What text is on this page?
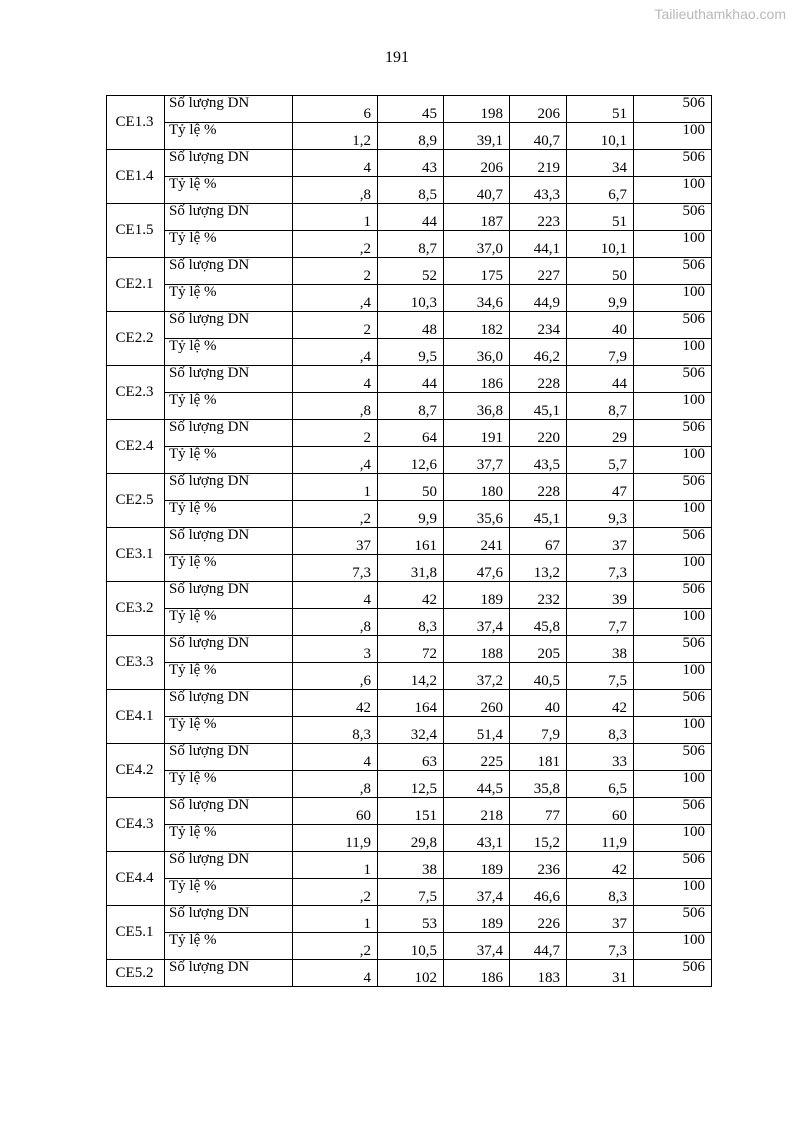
Tailieuthamkhao.com
191
CE1.3	Số lượng DN	6	45	198	206	51	506
	Tỷ lệ %	1,2	8,9	39,1	40,7	10,1	100
CE1.4	Số lượng DN	4	43	206	219	34	506
	Tỷ lệ %	,8	8,5	40,7	43,3	6,7	100
CE1.5	Số lượng DN	1	44	187	223	51	506
	Tỷ lệ %	,2	8,7	37,0	44,1	10,1	100
CE2.1	Số lượng DN	2	52	175	227	50	506
	Tỷ lệ %	,4	10,3	34,6	44,9	9,9	100
CE2.2	Số lượng DN	2	48	182	234	40	506
	Tỷ lệ %	,4	9,5	36,0	46,2	7,9	100
CE2.3	Số lượng DN	4	44	186	228	44	506
	Tỷ lệ %	,8	8,7	36,8	45,1	8,7	100
CE2.4	Số lượng DN	2	64	191	220	29	506
	Tỷ lệ %	,4	12,6	37,7	43,5	5,7	100
CE2.5	Số lượng DN	1	50	180	228	47	506
	Tỷ lệ %	,2	9,9	35,6	45,1	9,3	100
CE3.1	Số lượng DN	37	161	241	67	37	506
	Tỷ lệ %	7,3	31,8	47,6	13,2	7,3	100
CE3.2	Số lượng DN	4	42	189	232	39	506
	Tỷ lệ %	,8	8,3	37,4	45,8	7,7	100
CE3.3	Số lượng DN	3	72	188	205	38	506
	Tỷ lệ %	,6	14,2	37,2	40,5	7,5	100
CE4.1	Số lượng DN	42	164	260	40	42	506
	Tỷ lệ %	8,3	32,4	51,4	7,9	8,3	100
CE4.2	Số lượng DN	4	63	225	181	33	506
	Tỷ lệ %	,8	12,5	44,5	35,8	6,5	100
CE4.3	Số lượng DN	60	151	218	77	60	506
	Tỷ lệ %	11,9	29,8	43,1	15,2	11,9	100
CE4.4	Số lượng DN	1	38	189	236	42	506
	Tỷ lệ %	,2	7,5	37,4	46,6	8,3	100
CE5.1	Số lượng DN	1	53	189	226	37	506
	Tỷ lệ %	,2	10,5	37,4	44,7	7,3	100
CE5.2	Số lượng DN	4	102	186	183	31	506
